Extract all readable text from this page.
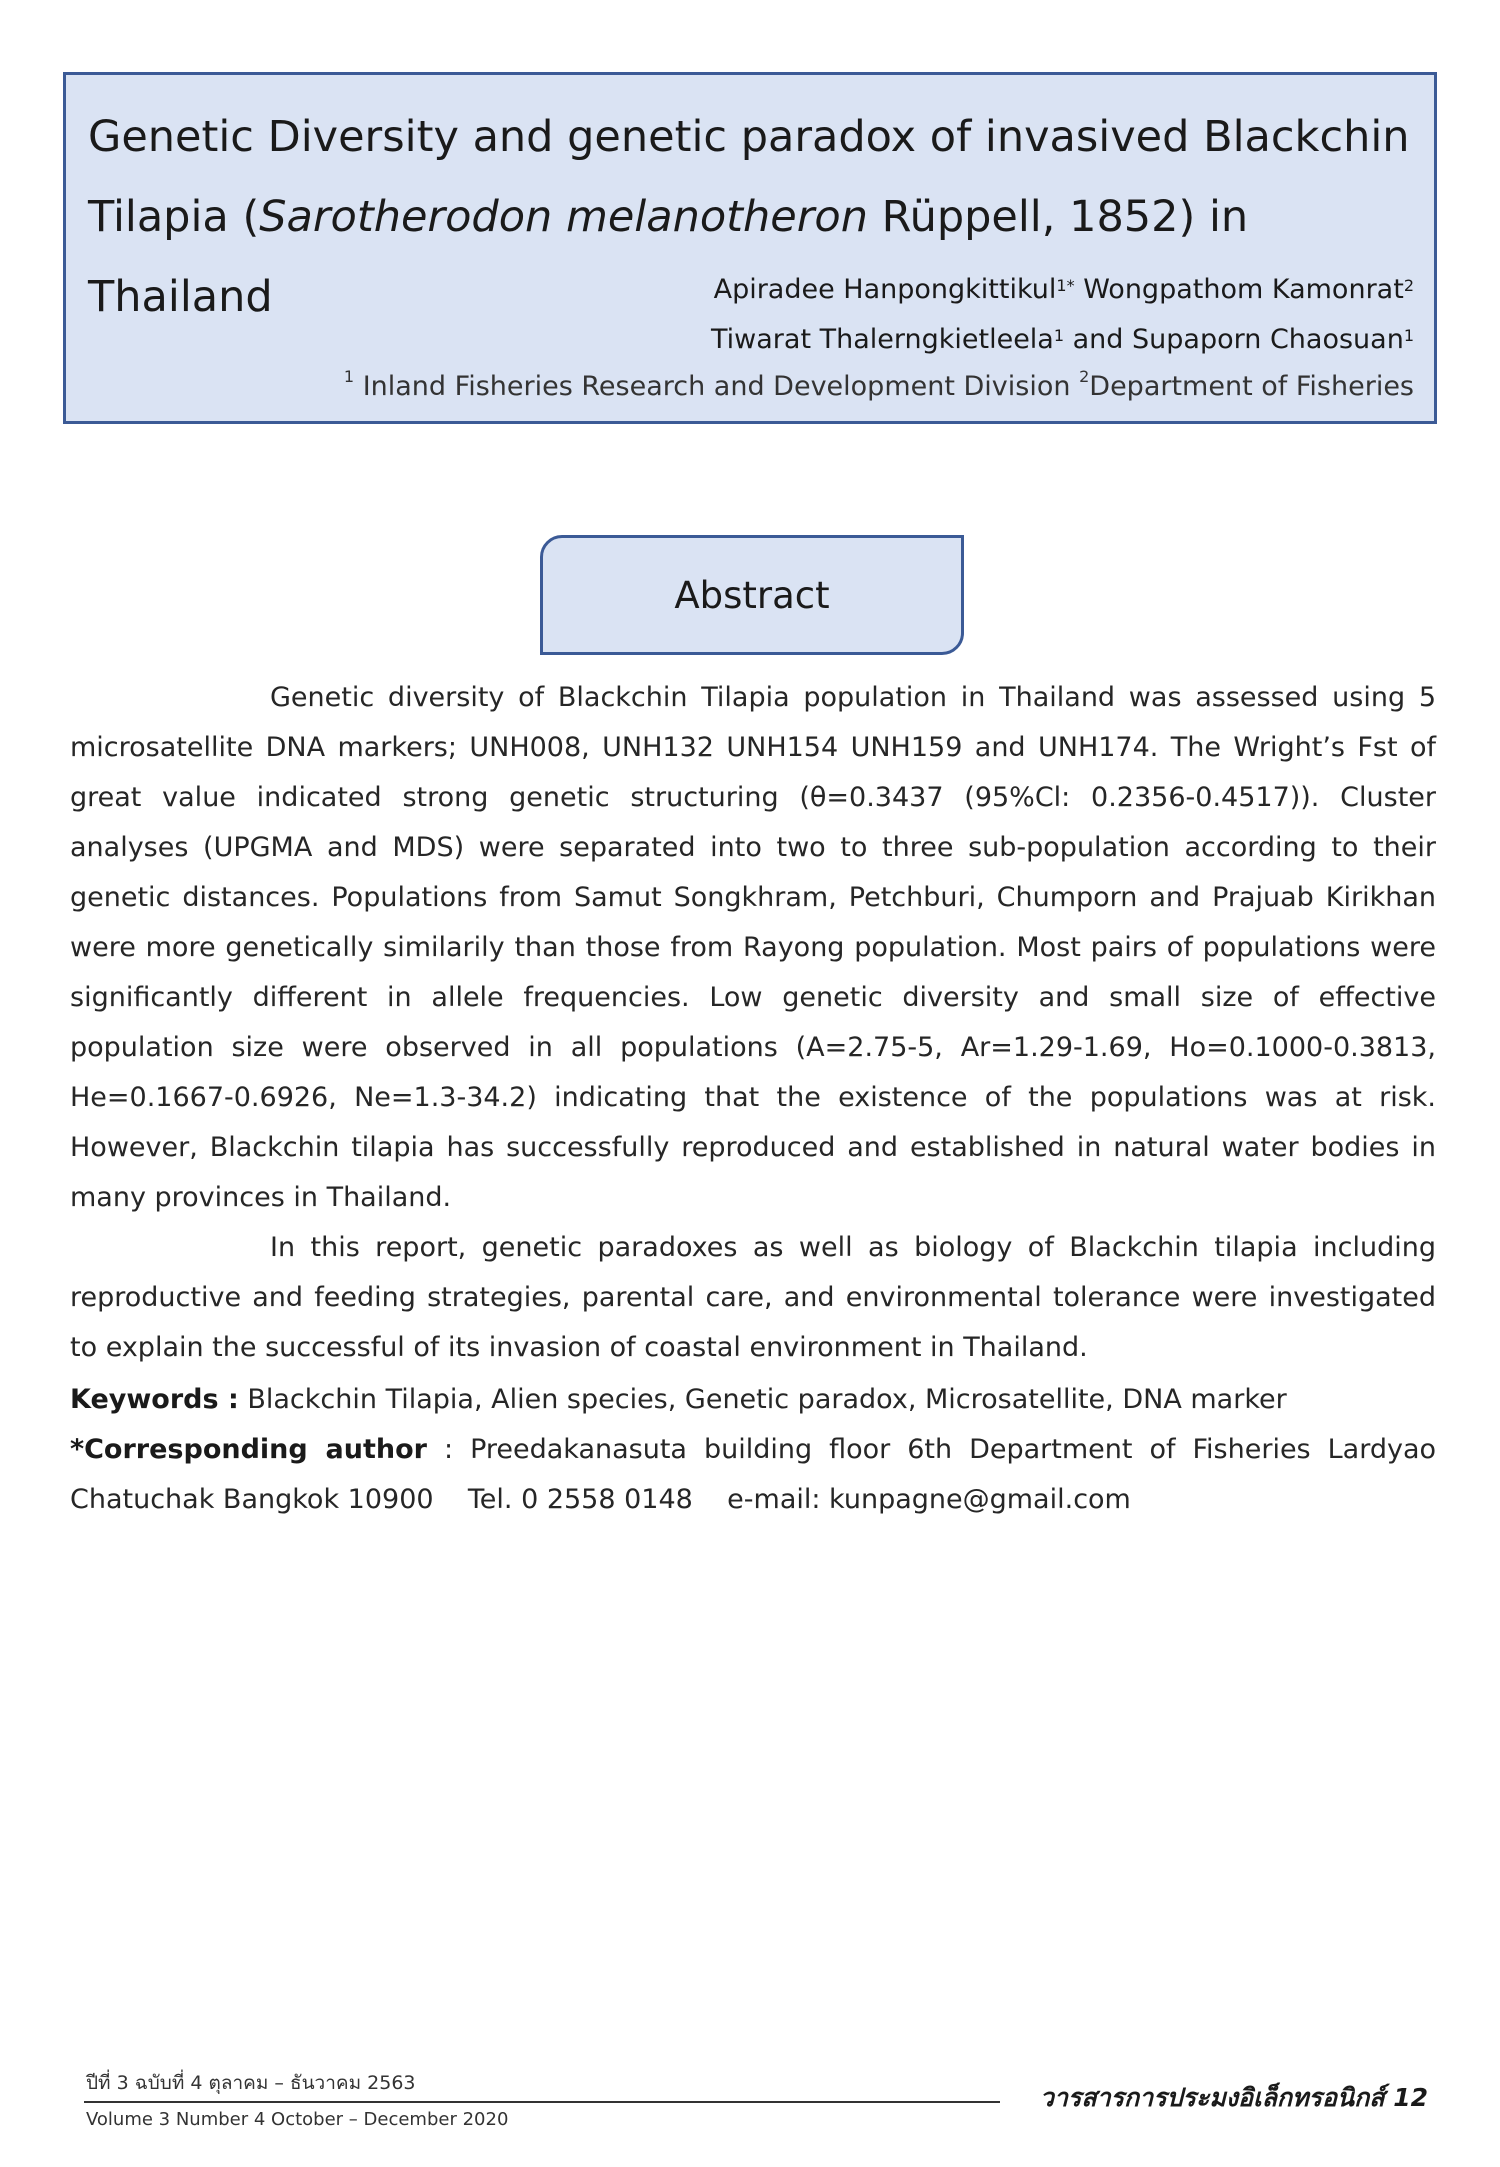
Genetic Diversity and genetic paradox of invasived Blackchin Tilapia (Sarotherodon melanotheron Rüppell, 1852) in Thailand	Apiradee Hanpongkittikul$^{1*}$ Wongpathom Kamonrat$^2$
Tiwarat Thalerngkietleela$^1$ and Supaporn Chaosuan$^1$
$^1$ Inland Fisheries Research and Development Division $^2$Department of Fisheries
Abstract

Genetic diversity of Blackchin Tilapia population in Thailand was assessed using 5 microsatellite DNA markers; UNH008, UNH132 UNH154 UNH159 and UNH174. The Wright’s Fst of great value indicated strong genetic structuring (θ=0.3437 (95%Cl: 0.2356-0.4517)). Cluster analyses (UPGMA and MDS) were separated into two to three sub-population according to their genetic distances. Populations from Samut Songkhram, Petchburi, Chumporn and Prajuab Kirikhan were more genetically similarily than those from Rayong population. Most pairs of populations were significantly different in allele frequencies. Low genetic diversity and small size of effective population size were observed in all populations (A=2.75-5, Ar=1.29-1.69, Ho=0.1000-0.3813, He=0.1667-0.6926, Ne=1.3-34.2) indicating that the existence of the populations was at risk. However, Blackchin tilapia has successfully reproduced and established in natural water bodies in many provinces in Thailand.

In this report, genetic paradoxes as well as biology of Blackchin tilapia including reproductive and feeding strategies, parental care, and environmental tolerance were investigated to explain the successful of its invasion of coastal environment in Thailand.

Keywords : Blackchin Tilapia, Alien species, Genetic paradox, Microsatellite, DNA marker

*Corresponding author : Preedakanasuta building floor 6th Department of Fisheries Lardyao Chatuchak Bangkok 10900    Tel. 0 2558 0148    e-mail: kunpagne@gmail.com

ปีที่ 3 ฉบับที่ 4 ตุลาคม – ธันวาคม 2563
Volume 3 Number 4 October – December 2020
วารสารการประมงอิเล็กทรอนิกส์ 12
